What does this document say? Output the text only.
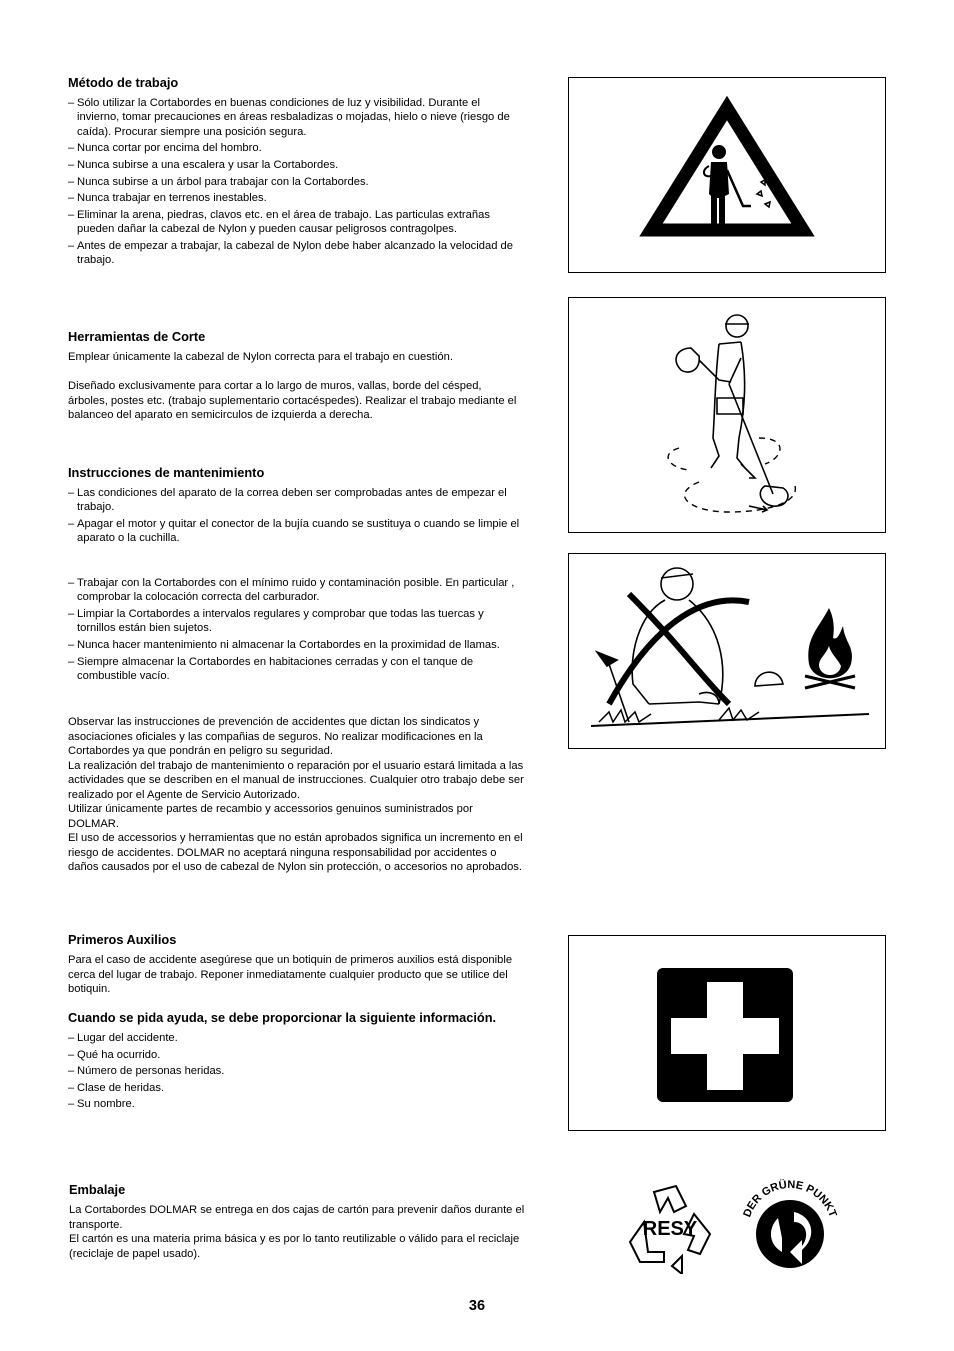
Método de trabajo
– Sólo utilizar la Cortabordes en buenas condiciones de luz y visibilidad. Durante el invierno, tomar precauciones en áreas resbaladizas o mojadas, hielo o nieve (riesgo de caída). Procurar siempre una posición segura.
– Nunca cortar por encima del hombro.
– Nunca subirse a una escalera y usar la Cortabordes.
– Nunca subirse a un árbol para trabajar con la Cortabordes.
– Nunca trabajar en terrenos inestables.
– Eliminar la arena, piedras, clavos etc. en el área de trabajo. Las particulas extrañas pueden dañar la cabezal de Nylon y pueden causar peligrosos contragolpes.
– Antes de empezar a trabajar, la cabezal de Nylon debe haber alcanzado la velocidad de trabajo.
Herramientas de Corte

Emplear únicamente la cabezal de Nylon correcta para el trabajo en cuestión.

Diseñado exclusivamente para cortar a lo largo de muros, vallas, borde del césped, árboles, postes etc. (trabajo suplementario cortacéspedes). Realizar el trabajo mediante el balanceo del aparato en semicirculos de izquierda a derecha.

Instrucciones de mantenimiento
– Las condiciones del aparato de la correa deben ser comprobadas antes de empezar el trabajo.
– Apagar el motor y quitar el conector de la bujía cuando se sustituya o cuando se limpie el aparato o la cuchilla.
– Trabajar con la Cortabordes con el mínimo ruido y contaminación posible. En particular , comprobar la colocación correcta del carburador.
– Limpiar la Cortabordes a intervalos regulares y comprobar que todas las tuercas y tornillos están bien sujetos.
– Nunca hacer mantenimiento ni almacenar la Cortabordes en la proximidad de llamas.
– Siempre almacenar la Cortabordes en habitaciones cerradas y con el tanque de combustible vacío.

Observar las instrucciones de prevención de accidentes que dictan los sindicatos y asociaciones oficiales y las compañias de seguros. No realizar modificaciones en la Cortabordes ya que pondrán en peligro su seguridad.

La realización del trabajo de mantenimiento o reparación por el usuario estará limitada a las actividades que se describen en el manual de instrucciones. Cualquier otro trabajo debe ser realizado por el Agente de Servicio Autorizado.

Utilizar únicamente partes de recambio y accessorios genuinos suministrados por DOLMAR.

El uso de accessorios y herramientas que no están aprobados significa un incremento en el riesgo de accidentes. DOLMAR no aceptará ninguna responsabilidad por accidentes o daños causados por el uso de cabezal de Nylon sin protección, o accesorios no aprobados.

Primeros Auxilios

Para el caso de accidente asegúrese que un botiquin de primeros auxilios está disponible cerca del lugar de trabajo. Reponer inmediatamente cualquier producto que se utilice del botiquin.

Cuando se pida ayuda, se debe proporcionar la siguiente información.
– Lugar del accidente.
– Qué ha ocurrido.
– Número de personas heridas.
– Clase de heridas.
– Su nombre.
Embalaje

La Cortabordes DOLMAR se entrega en dos cajas de cartón para prevenir daños durante el transporte.

El cartón es una materia prima básica y es por lo tanto reutilizable o válido para el reciclaje (reciclaje de papel usado).

RESY
DER GRÜNE PUNKT
36
